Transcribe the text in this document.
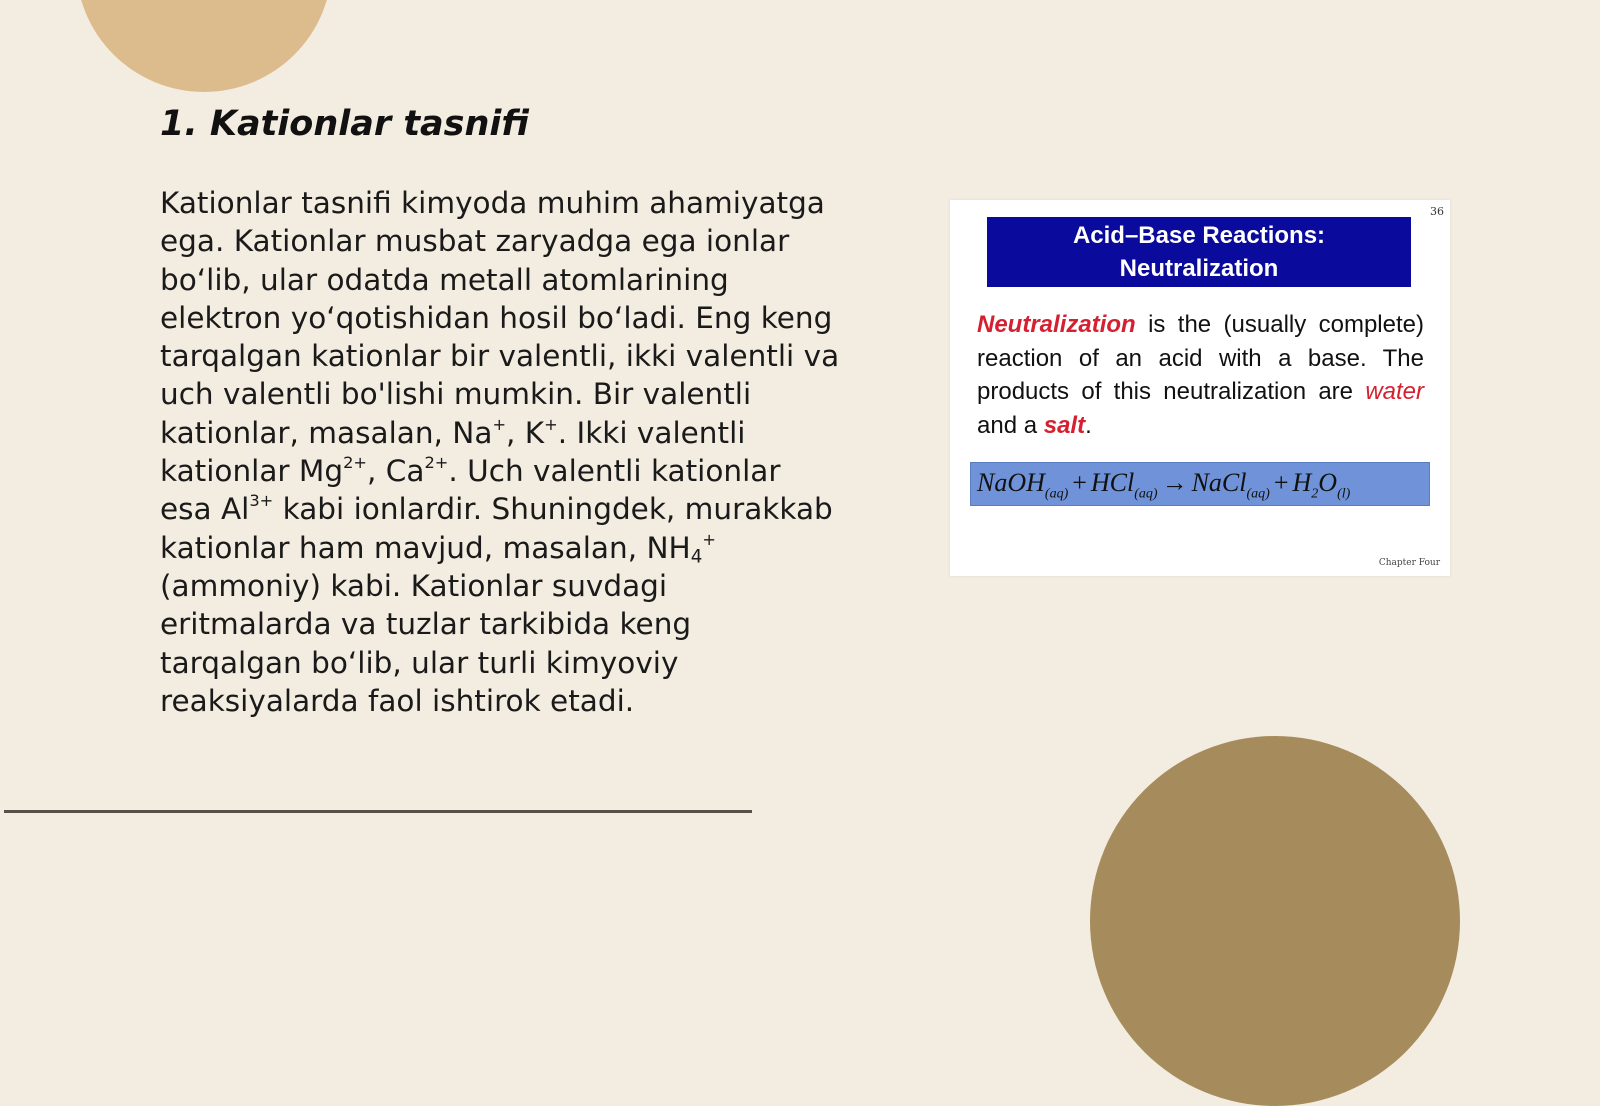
1. Kationlar tasnifi

Kationlar tasnifi kimyoda muhim ahamiyatga
ega. Kationlar musbat zaryadga ega ionlar
bo‘lib, ular odatda metall atomlarining
elektron yo‘qotishidan hosil bo‘ladi. Eng keng
tarqalgan kationlar bir valentli, ikki valentli va
uch valentli bo'lishi mumkin. Bir valentli
kationlar, masalan, Na+, K+. Ikki valentli
kationlar $Mg^{2+}$, $Ca^{2+}$. Uch valentli kationlar
esa $Al^{3+}$ kabi ionlardir. Shuningdek, murakkab
kationlar ham mavjud, masalan, $NH_4^+$
(ammoniy) kabi. Kationlar suvdagi
eritmalarda va tuzlar tarkibida keng
tarqalgan bo‘lib, ular turli kimyoviy
reaksiyalarda faol ishtirok etadi.

36
Acid–Base Reactions:
Neutralization

Neutralization is the (usually complete) reaction of an acid with a base. The products of this neutralization are water and a salt.

NaOH$_{(aq)}$ + HCl$_{(aq)}$ → NaCl$_{(aq)}$ + $H_2O_{(l)}$
Chapter Four
